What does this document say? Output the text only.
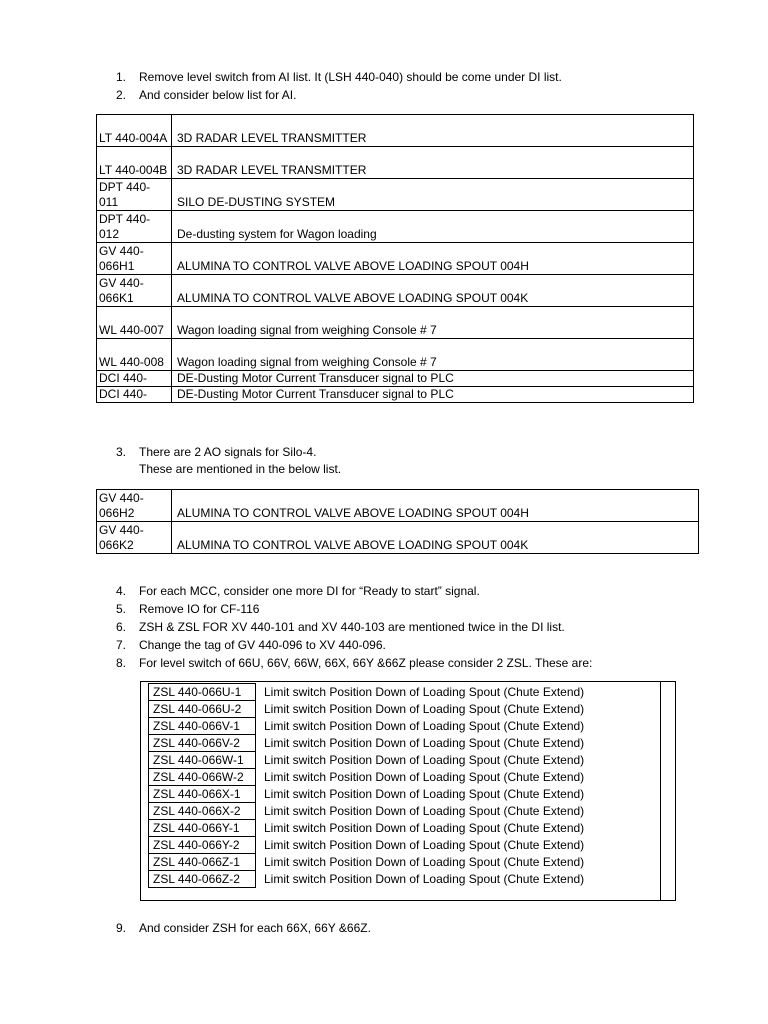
1.	Remove level switch from AI list. It (LSH 440-040) should be come under DI list.
2.	And consider below list for AI.
LT 440-004A	3D RADAR LEVEL TRANSMITTER
LT 440-004B	3D RADAR LEVEL TRANSMITTER
DPT 440-011	SILO DE-DUSTING SYSTEM
DPT 440-012	De-dusting system for Wagon loading
GV 440-066H1	ALUMINA TO CONTROL VALVE ABOVE LOADING SPOUT 004H
GV 440-066K1	ALUMINA TO CONTROL VALVE ABOVE LOADING SPOUT 004K
WL 440-007	Wagon loading signal from weighing Console # 7
WL 440-008	Wagon loading signal from weighing Console # 7
DCI 440-	DE-Dusting Motor Current Transducer signal to PLC
DCI 440-	DE-Dusting Motor Current Transducer signal to PLC
3.	There are 2 AO signals for Silo-4.
These are mentioned in the below list.
GV 440-066H2	ALUMINA TO CONTROL VALVE ABOVE LOADING SPOUT 004H
GV 440-066K2	ALUMINA TO CONTROL VALVE ABOVE LOADING SPOUT 004K
4.	For each MCC, consider one more DI for “Ready to start” signal.
5.	Remove IO for CF-116
6.	ZSH & ZSL FOR XV 440-101 and XV 440-103 are mentioned twice in the DI list.
7.	Change the tag of GV 440-096 to XV 440-096.
8.	For level switch of 66U, 66V, 66W, 66X, 66Y &66Z please consider 2 ZSL. These are:
ZSL 440-066U-1	Limit switch Position Down of Loading Spout (Chute Extend)
ZSL 440-066U-2	Limit switch Position Down of Loading Spout (Chute Extend)
ZSL 440-066V-1	Limit switch Position Down of Loading Spout (Chute Extend)
ZSL 440-066V-2	Limit switch Position Down of Loading Spout (Chute Extend)
ZSL 440-066W-1	Limit switch Position Down of Loading Spout (Chute Extend)
ZSL 440-066W-2	Limit switch Position Down of Loading Spout (Chute Extend)
ZSL 440-066X-1	Limit switch Position Down of Loading Spout (Chute Extend)
ZSL 440-066X-2	Limit switch Position Down of Loading Spout (Chute Extend)
ZSL 440-066Y-1	Limit switch Position Down of Loading Spout (Chute Extend)
ZSL 440-066Y-2	Limit switch Position Down of Loading Spout (Chute Extend)
ZSL 440-066Z-1	Limit switch Position Down of Loading Spout (Chute Extend)
ZSL 440-066Z-2	Limit switch Position Down of Loading Spout (Chute Extend)
9.	And consider ZSH for each 66X, 66Y &66Z.
